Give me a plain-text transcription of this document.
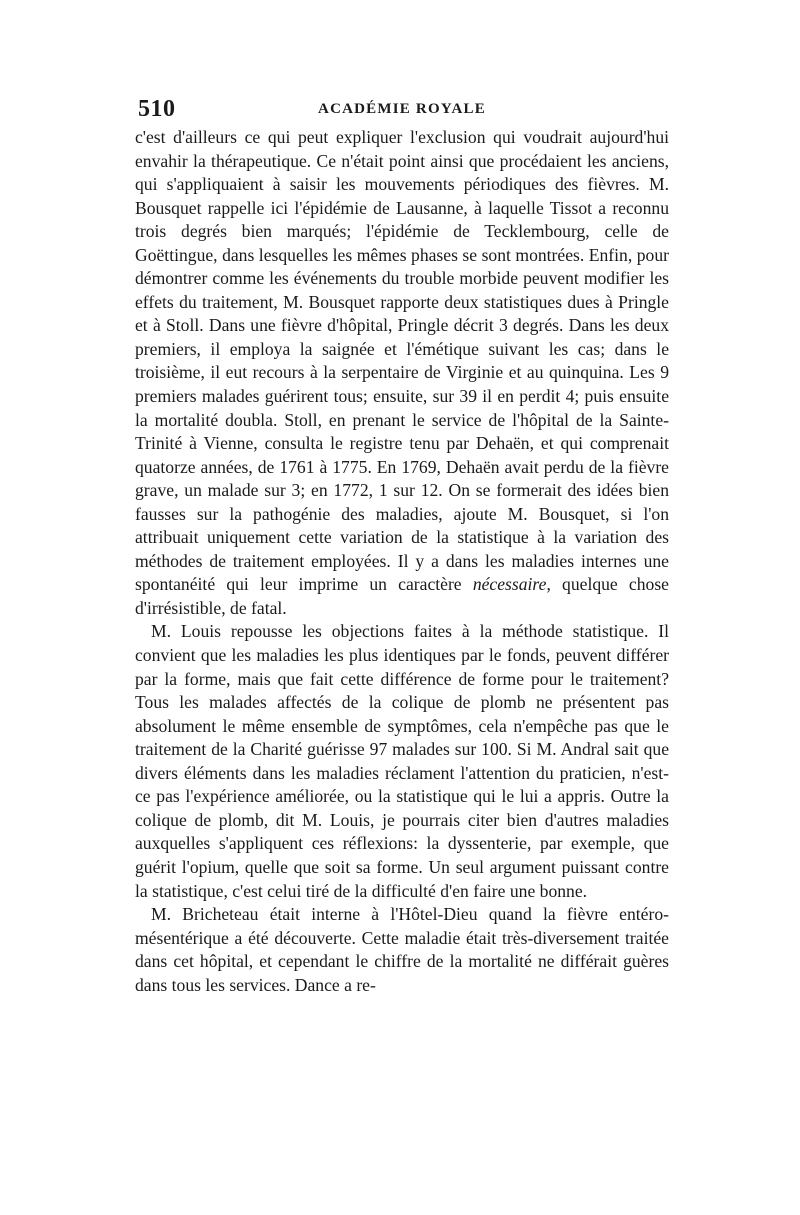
510	ACADÉMIE ROYALE

c'est d'ailleurs ce qui peut expliquer l'exclusion qui voudrait aujourd'hui envahir la thérapeutique. Ce n'était point ainsi que procédaient les anciens, qui s'appliquaient à saisir les mouvements périodiques des fièvres. M. Bousquet rappelle ici l'épidémie de Lausanne, à laquelle Tissot a reconnu trois degrés bien marqués; l'épidémie de Tecklembourg, celle de Goëttingue, dans lesquelles les mêmes phases se sont montrées. Enfin, pour démontrer comme les événements du trouble morbide peuvent modifier les effets du traitement, M. Bousquet rapporte deux statistiques dues à Pringle et à Stoll. Dans une fièvre d'hôpital, Pringle décrit 3 degrés. Dans les deux premiers, il employa la saignée et l'émétique suivant les cas; dans le troisième, il eut recours à la serpentaire de Virginie et au quinquina. Les 9 premiers malades guérirent tous; ensuite, sur 39 il en perdit 4; puis ensuite la mortalité doubla. Stoll, en prenant le service de l'hôpital de la Sainte-Trinité à Vienne, consulta le registre tenu par Dehaën, et qui comprenait quatorze années, de 1761 à 1775. En 1769, Dehaën avait perdu de la fièvre grave, un malade sur 3; en 1772, 1 sur 12. On se formerait des idées bien fausses sur la pathogénie des maladies, ajoute M. Bousquet, si l'on attribuait uniquement cette variation de la statistique à la variation des méthodes de traitement employées. Il y a dans les maladies internes une spontanéité qui leur imprime un caractère nécessaire, quelque chose d'irrésistible, de fatal.

M. Louis repousse les objections faites à la méthode statistique. Il convient que les maladies les plus identiques par le fonds, peuvent différer par la forme, mais que fait cette différence de forme pour le traitement? Tous les malades affectés de la colique de plomb ne présentent pas absolument le même ensemble de symptômes, cela n'empêche pas que le traitement de la Charité guérisse 97 malades sur 100. Si M. Andral sait que divers éléments dans les maladies réclament l'attention du praticien, n'est-ce pas l'expérience améliorée, ou la statistique qui le lui a appris. Outre la colique de plomb, dit M. Louis, je pourrais citer bien d'autres maladies auxquelles s'appliquent ces réflexions: la dyssenterie, par exemple, que guérit l'opium, quelle que soit sa forme. Un seul argument puissant contre la statistique, c'est celui tiré de la difficulté d'en faire une bonne.

M. Bricheteau était interne à l'Hôtel-Dieu quand la fièvre entéro-mésentérique a été découverte. Cette maladie était très-diversement traitée dans cet hôpital, et cependant le chiffre de la mortalité ne différait guères dans tous les services. Dance a re-
